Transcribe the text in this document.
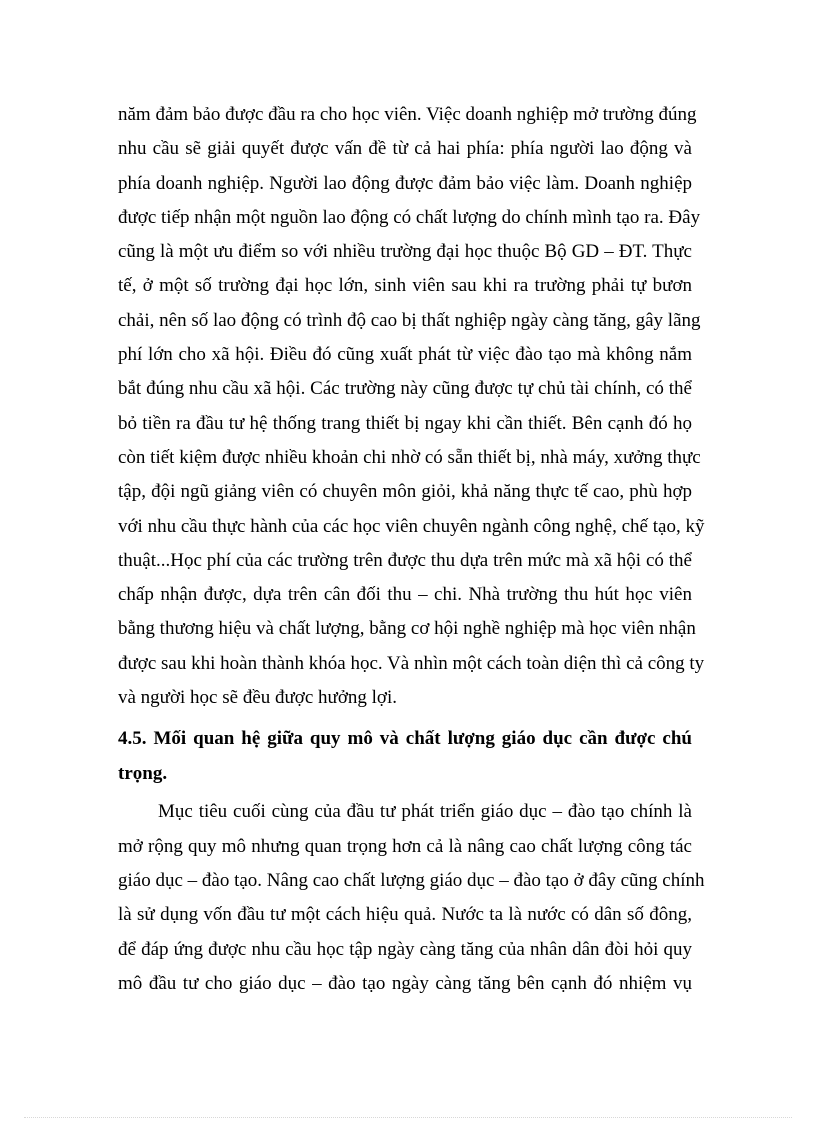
năm đảm bảo được đầu ra cho học viên. Việc doanh nghiệp mở trường đúng
nhu cầu sẽ giải quyết được vấn đề từ cả hai phía: phía người lao động và
phía doanh nghiệp. Người lao động được đảm bảo việc làm. Doanh nghiệp
được tiếp nhận một nguồn lao động có chất lượng do chính mình tạo ra. Đây
cũng là một ưu điểm so với nhiều trường đại học thuộc Bộ GD – ĐT. Thực
tế, ở một số trường đại học lớn, sinh viên sau khi ra trường phải tự bươn
chải, nên số lao động có trình độ cao bị thất nghiệp ngày càng tăng, gây lãng
phí lớn cho xã hội. Điều đó cũng xuất phát từ việc đào tạo mà không nắm
bắt đúng nhu cầu xã hội. Các trường này cũng được tự chủ tài chính, có thể
bỏ tiền ra đầu tư hệ thống trang thiết bị ngay khi cần thiết. Bên cạnh đó họ
còn tiết kiệm được nhiều khoản chi nhờ có sẵn thiết bị, nhà máy, xưởng thực
tập, đội ngũ giảng viên có chuyên môn giỏi, khả năng thực tế cao, phù hợp
với nhu cầu thực hành của các học viên chuyên ngành công nghệ, chế tạo, kỹ
thuật...Học phí của các trường trên được thu dựa trên mức mà xã hội có thể
chấp nhận được, dựa trên cân đối thu – chi. Nhà trường thu hút học viên
bằng thương hiệu và chất lượng, bằng cơ hội nghề nghiệp mà học viên nhận
được sau khi hoàn thành khóa học. Và nhìn một cách toàn diện thì cả công ty
và người học sẽ đều được hưởng lợi.
4.5. Mối quan hệ giữa quy mô và chất lượng giáo dục cần được chú
trọng.
Mục tiêu cuối cùng của đầu tư phát triển giáo dục – đào tạo chính là
mở rộng quy mô nhưng quan trọng hơn cả là nâng cao chất lượng công tác
giáo dục – đào tạo. Nâng cao chất lượng giáo dục – đào tạo ở đây cũng chính
là sử dụng vốn đầu tư một cách hiệu quả. Nước ta là nước có dân số đông,
để đáp ứng được nhu cầu học tập ngày càng tăng của nhân dân đòi hỏi quy
mô đầu tư cho giáo dục – đào tạo ngày càng tăng bên cạnh đó nhiệm vụ
